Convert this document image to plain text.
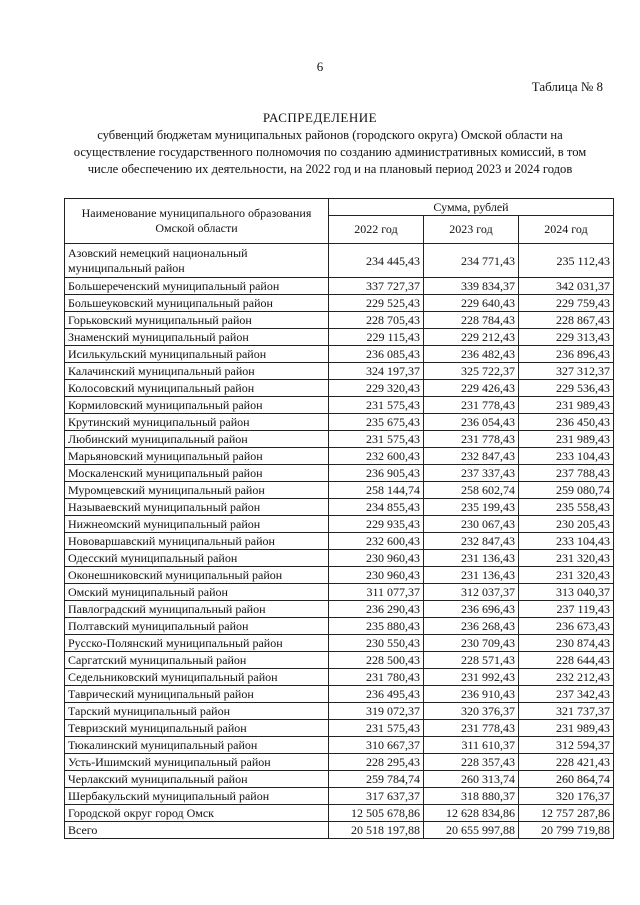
6
Таблица № 8
РАСПРЕДЕЛЕНИЕ
субвенций бюджетам муниципальных районов (городского округа) Омской области на осуществление государственного полномочия по созданию административных комиссий, в том числе обеспечению их деятельности, на 2022 год и на плановый период 2023 и 2024 годов
Наименование муниципального образования Омской области	Сумма, рублей		
	2022 год	2023 год	2024 год
Азовский немецкий национальный муниципальный район	234 445,43	234 771,43	235 112,43
Большереченский муниципальный район	337 727,37	339 834,37	342 031,37
Большеуковский муниципальный район	229 525,43	229 640,43	229 759,43
Горьковский муниципальный район	228 705,43	228 784,43	228 867,43
Знаменский муниципальный район	229 115,43	229 212,43	229 313,43
Исилькульский муниципальный район	236 085,43	236 482,43	236 896,43
Калачинский муниципальный район	324 197,37	325 722,37	327 312,37
Колосовский муниципальный район	229 320,43	229 426,43	229 536,43
Кормиловский муниципальный район	231 575,43	231 778,43	231 989,43
Крутинский муниципальный район	235 675,43	236 054,43	236 450,43
Любинский муниципальный район	231 575,43	231 778,43	231 989,43
Марьяновский муниципальный район	232 600,43	232 847,43	233 104,43
Москаленский муниципальный район	236 905,43	237 337,43	237 788,43
Муромцевский муниципальный район	258 144,74	258 602,74	259 080,74
Называевский муниципальный район	234 855,43	235 199,43	235 558,43
Нижнеомский муниципальный район	229 935,43	230 067,43	230 205,43
Нововаршавский муниципальный район	232 600,43	232 847,43	233 104,43
Одесский муниципальный район	230 960,43	231 136,43	231 320,43
Оконешниковский муниципальный район	230 960,43	231 136,43	231 320,43
Омский муниципальный район	311 077,37	312 037,37	313 040,37
Павлоградский муниципальный район	236 290,43	236 696,43	237 119,43
Полтавский муниципальный район	235 880,43	236 268,43	236 673,43
Русско-Полянский муниципальный район	230 550,43	230 709,43	230 874,43
Саргатский муниципальный район	228 500,43	228 571,43	228 644,43
Седельниковский муниципальный район	231 780,43	231 992,43	232 212,43
Таврический муниципальный район	236 495,43	236 910,43	237 342,43
Тарский муниципальный район	319 072,37	320 376,37	321 737,37
Тевризский муниципальный район	231 575,43	231 778,43	231 989,43
Тюкалинский муниципальный район	310 667,37	311 610,37	312 594,37
Усть-Ишимский муниципальный район	228 295,43	228 357,43	228 421,43
Черлакский муниципальный район	259 784,74	260 313,74	260 864,74
Шербакульский муниципальный район	317 637,37	318 880,37	320 176,37
Городской округ город Омск	12 505 678,86	12 628 834,86	12 757 287,86
Всего	20 518 197,88	20 655 997,88	20 799 719,88
